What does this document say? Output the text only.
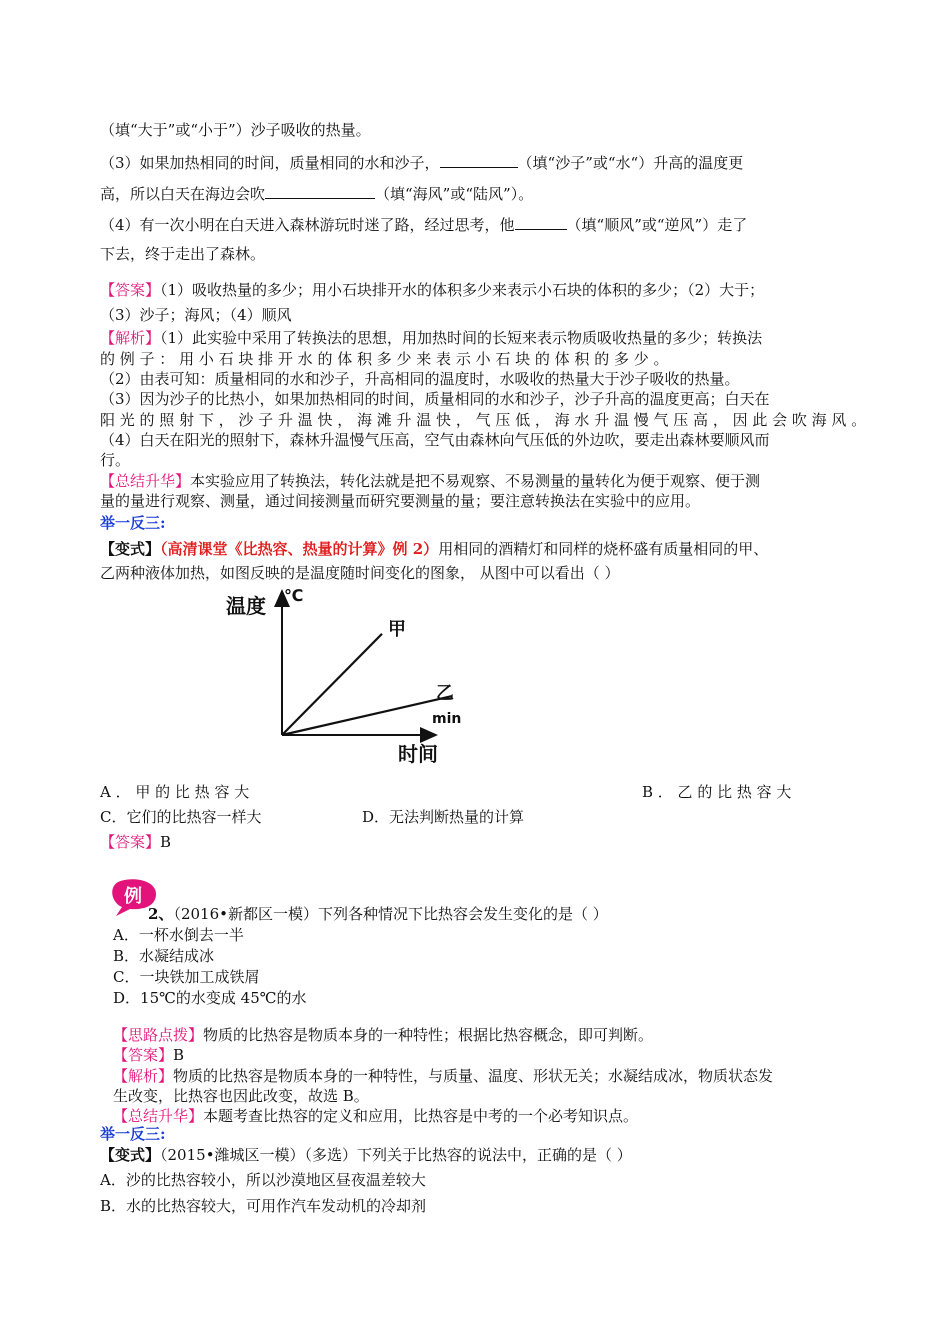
（填“大于”或“小于”）沙子吸收的热量。
（3）如果加热相同的时间，质量相同的水和沙子，	（填“沙子”或“水“）升高的温度更
高，所以白天在海边会吹	（填“海风”或“陆风”）。
（4）有一次小明在白天进入森林游玩时迷了路，经过思考，他	（填“顺风”或“逆风”）走了
下去，终于走出了森林。
【答案】（1）吸收热量的多少；用小石块排开水的体积多少来表示小石块的体积的多少；（2）大于；
（3）沙子；海风；（4）顺风
【解析】（1）此实验中采用了转换法的思想，用加热时间的长短来表示物质吸收热量的多少；转换法
的 例 子 ： 用 小 石 块 排 开 水 的 体 积 多 少 来 表 示 小 石 块 的 体 积 的 多 少 。
（2）由表可知：质量相同的水和沙子，升高相同的温度时，水吸收的热量大于沙子吸收的热量。
（3）因为沙子的比热小，如果加热相同的时间，质量相同的水和沙子，沙子升高的温度更高；白天在
阳 光 的 照 射 下 ， 沙 子 升 温 快 ， 海 滩 升 温 快 ， 气 压 低 ， 海 水 升 温 慢 气 压 高 ， 因 此 会 吹 海 风 。
（4）白天在阳光的照射下，森林升温慢气压高，空气由森林向气压低的外边吹，要走出森林要顺风而
行。
【总结升华】本实验应用了转换法，转化法就是把不易观察、不易测量的量转化为便于观察、便于测
量的量进行观察、测量，通过间接测量而研究要测量的量；要注意转换法在实验中的应用。
举一反三:
【变式】（高清课堂《比热容、热量的计算》例 2）用相同的酒精灯和同样的烧杯盛有质量相同的甲、
乙两种液体加热，如图反映的是温度随时间变化的图象， 从图中可以看出（ ）
温度 ℃
甲
乙
min
时间
A ． 甲 的 比 热 容 大	B ． 乙 的 比 热 容 大
C．它们的比热容一样大	D．无法判断热量的计算
【答案】B
例
2、（2016•新都区一模）下列各种情况下比热容会发生变化的是（ ）
A．一杯水倒去一半
B．水凝结成冰
C．一块铁加工成铁屑
D．15℃的水变成 45℃的水
【思路点拨】物质的比热容是物质本身的一种特性；根据比热容概念，即可判断。
【答案】B
【解析】物质的比热容是物质本身的一种特性，与质量、温度、形状无关；水凝结成冰，物质状态发
生改变，比热容也因此改变，故选 B。
【总结升华】本题考查比热容的定义和应用，比热容是中考的一个必考知识点。
举一反三:
【变式】（2015•潍城区一模）（多选）下列关于比热容的说法中，正确的是（ ）
A．沙的比热容较小，所以沙漠地区昼夜温差较大
B．水的比热容较大，可用作汽车发动机的冷却剂
